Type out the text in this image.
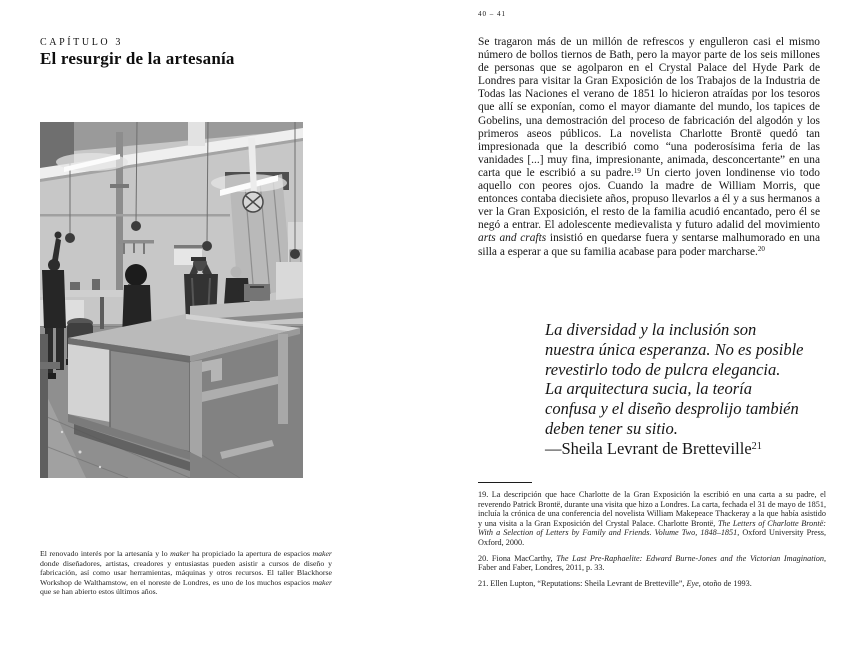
40 – 41
CAPÍTULO 3
El resurgir de la artesanía

El renovado interés por la artesanía y lo maker ha propiciado la apertura de espacios maker donde diseñadores, artistas, creadores y entusiastas pueden asistir a cursos de diseño y fabricación, así como usar herramientas, máquinas y otros recursos. El taller Blackhorse Workshop de Walthamstow, en el noreste de Londres, es uno de los muchos espacios maker que se han abierto estos últimos años.

Se tragaron más de un millón de refrescos y engulleron casi el mismo número de bollos tiernos de Bath, pero la mayor parte de los seis millones de personas que se agolparon en el Crystal Palace del Hyde Park de Londres para visitar la Gran Exposición de los Trabajos de la Industria de Todas las Naciones el verano de 1851 lo hicieron atraídas por los tesoros que allí se exponían, como el mayor diamante del mundo, los tapices de Gobelins, una demostración del proceso de fabricación del algodón y los primeros aseos públicos. La novelista Charlotte Brontë quedó tan impresionada que la describió como “una poderosísima feria de las vanidades [...] muy fina, impresionante, animada, desconcertante” en una carta que le escribió a su padre.$^{19}$ Un cierto joven londinense vio todo aquello con peores ojos. Cuando la madre de William Morris, que entonces contaba diecisiete años, propuso llevarlos a él y a sus hermanos a ver la Gran Exposición, el resto de la familia acudió encantado, pero él se negó a entrar. El adolescente medievalista y futuro adalid del movimiento arts and crafts insistió en quedarse fuera y sentarse malhumorado en una silla a esperar a que su familia acabase para poder marcharse.$^{20}$

La diversidad y la inclusión son
nuestra única esperanza. No es posible
revestirlo todo de pulcra elegancia.
La arquitectura sucia, la teoría
confusa y el diseño desprolijo también
deben tener su sitio.
—Sheila Levrant de Bretteville$^{21}$

19. La descripción que hace Charlotte de la Gran Exposición la escribió en una carta a su padre, el reverendo Patrick Brontë, durante una visita que hizo a Londres. La carta, fechada el 31 de mayo de 1851, incluía la crónica de una conferencia del novelista William Makepeace Thackeray a la que había asistido y una visita a la Gran Exposición del Crystal Palace. Charlotte Brontë, The Letters of Charlotte Brontë: With a Selection of Letters by Family and Friends. Volume Two, 1848–1851, Oxford University Press, Oxford, 2000.

20. Fiona MacCarthy, The Last Pre-Raphaelite: Edward Burne-Jones and the Victorian Imagination, Faber and Faber, Londres, 2011, p. 33.

21. Ellen Lupton, “Reputations: Sheila Levrant de Bretteville”, Eye, otoño de 1993.
